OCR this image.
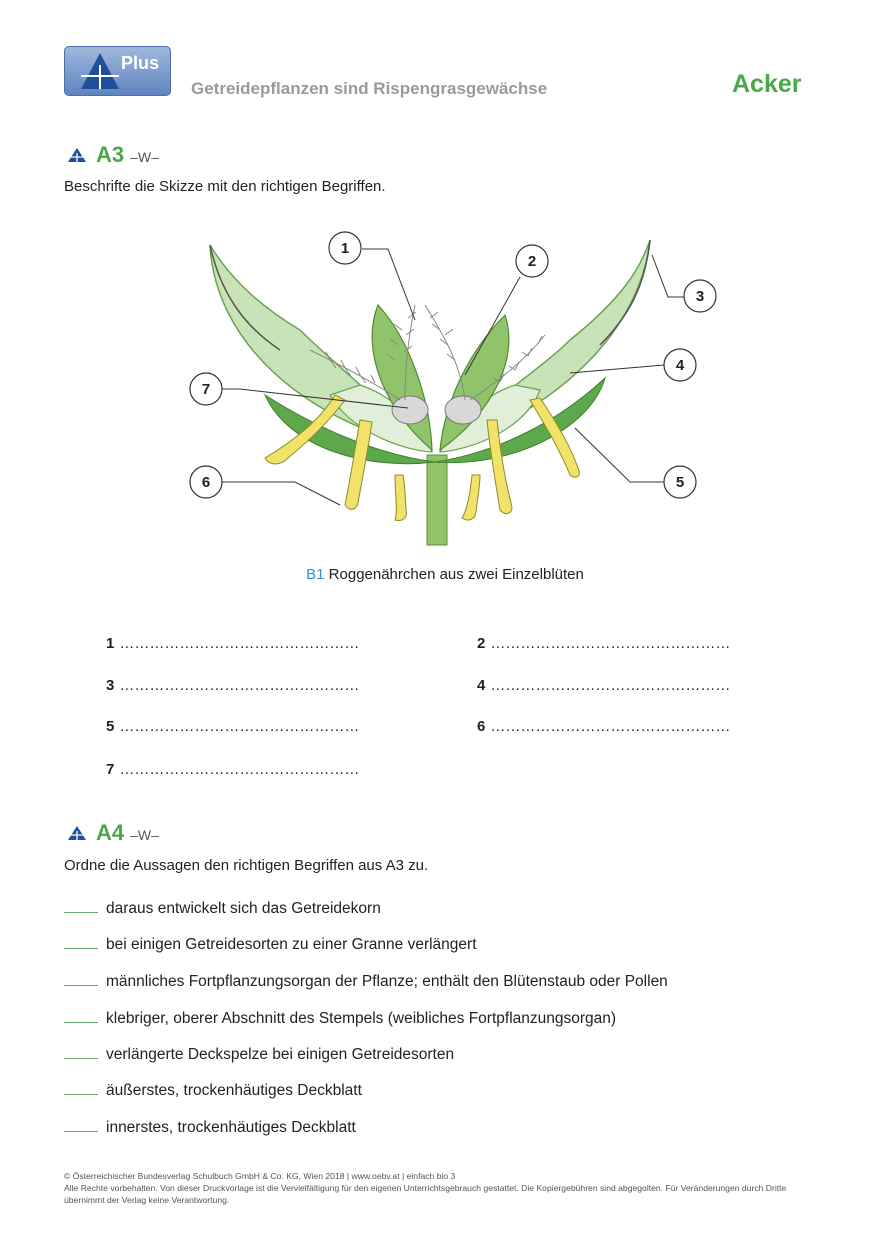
Plus
Getreidepflanzen sind Rispengrasgewächse	Acker
A3 –W–
Beschrifte die Skizze mit den richtigen Begriffen.
1
2
3
4
5
6
7
B1 Roggenährchen aus zwei Einzelblüten
1 …………………………………………	2 …………………………………………
3 …………………………………………	4 …………………………………………
5 …………………………………………	6 …………………………………………
7 …………………………………………
A4 –W–
Ordne die Aussagen den richtigen Begriffen aus A3 zu.
daraus entwickelt sich das Getreidekorn
bei einigen Getreidesorten zu einer Granne verlängert
männliches Fortpflanzungsorgan der Pflanze; enthält den Blütenstaub oder Pollen
klebriger, oberer Abschnitt des Stempels (weibliches Fortpflanzungsorgan)
verlängerte Deckspelze bei einigen Getreidesorten
äußerstes, trockenhäutiges Deckblatt
innerstes, trockenhäutiges Deckblatt
© Österreichischer Bundesverlag Schulbuch GmbH & Co. KG, Wien 2018 | www.oebv.at | einfach bio 3
Alle Rechte vorbehalten. Von dieser Druckvorlage ist die Vervielfältigung für den eigenen Unterrichtsgebrauch gestattet. Die Kopiergebühren sind abgegolten. Für Veränderungen durch Dritte übernimmt der Verlag keine Verantwortung.
